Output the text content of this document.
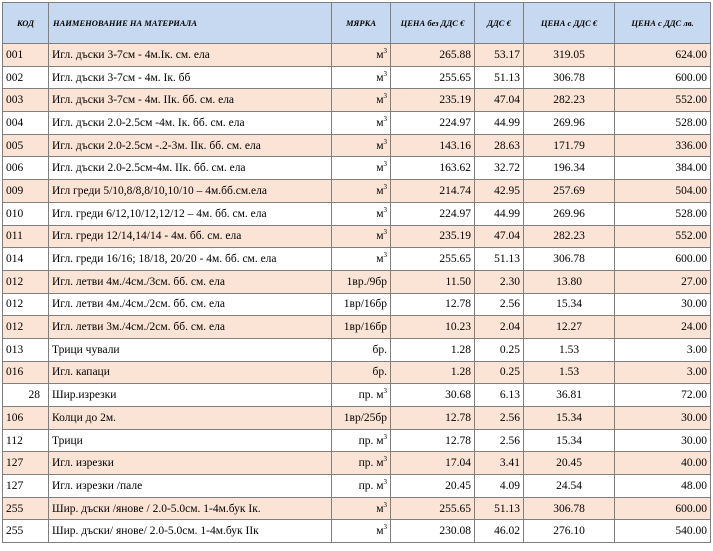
КОД	НАИМЕНОВАНИЕ НА МАТЕРИАЛА	МЯРКА	ЦЕНА без ДДС €	ДДС €	ЦЕНА с ДДС €	ЦЕНА с ДДС лв.
001	Игл. дъски 3-7см - 4м.Iк. см. ела	$м^3$	265.88	53.17	319.05	624.00
002	Игл. дъски 3-7см - 4м. Iк. бб	$м^3$	255.65	51.13	306.78	600.00
003	Игл. дъски 3-7см - 4м. IIк. бб. см. ела	$м^3$	235.19	47.04	282.23	552.00
004	Игл. дъски 2.0-2.5см -4м. Iк. бб. см. ела	$м^3$	224.97	44.99	269.96	528.00
005	Игл. дъски 2.0-2.5см -.2-3м. IIк. бб. см. ела	$м^3$	143.16	28.63	171.79	336.00
006	Игл. дъски 2.0-2.5см-4м. IIк. бб. см. ела	$м^3$	163.62	32.72	196.34	384.00
009	Игл греди 5/10,8/8,8/10,10/10 – 4м.бб.см.ела	$м^3$	214.74	42.95	257.69	504.00
010	Игл. греди 6/12,10/12,12/12 – 4м. бб. см. ела	$м^3$	224.97	44.99	269.96	528.00
011	Игл. греди 12/14,14/14 - 4м. бб. см. ела	$м^3$	235.19	47.04	282.23	552.00
014	Игл. греди 16/16; 18/18, 20/20 - 4м. бб. см. ела	$м^3$	255.65	51.13	306.78	600.00
012	Игл. летви 4м./4см./3см. бб. см. ела	1вр./9бр	11.50	2.30	13.80	27.00
012	Игл. летви 4м./4см./2см. бб. см. ела	1вр/16бр	12.78	2.56	15.34	30.00
012	Игл. летви 3м./4см./2см. бб. см. ела	1вр/16бр	10.23	2.04	12.27	24.00
013	Трици чували	бр.	1.28	0.25	1.53	3.00
016	Игл. капаци	бр.	1.28	0.25	1.53	3.00
28	Шир.изрезки	пр. $м^3$	30.68	6.13	36.81	72.00
106	Колци до 2м.	1вр/25бр	12.78	2.56	15.34	30.00
112	Трици	пр. $м^3$	12.78	2.56	15.34	30.00
127	Игл. изрезки	пр. $м^3$	17.04	3.41	20.45	40.00
127	Игл. изрезки /пале	пр. $м^3$	20.45	4.09	24.54	48.00
255	Шир. дъски /янове / 2.0-5.0см. 1-4м.бук Iк.	$м^3$	255.65	51.13	306.78	600.00
255	Шир. дъски/ янове/ 2.0-5.0см. 1-4м.бук IIк	$м^3$	230.08	46.02	276.10	540.00
